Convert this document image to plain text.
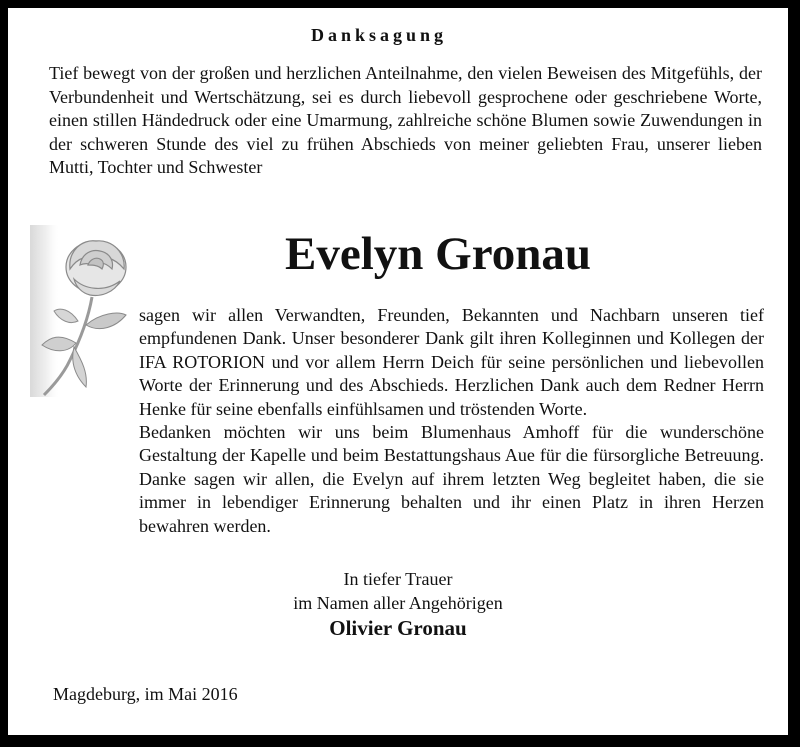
Danksagung
Tief bewegt von der großen und herzlichen Anteilnahme, den vielen Beweisen des Mitgefühls, der Verbundenheit und Wertschätzung, sei es durch liebevoll gesprochene oder geschriebene Worte, einen stillen Händedruck oder eine Umarmung, zahlreiche schöne Blumen sowie Zuwendungen in der schweren Stunde des viel zu frühen Abschieds von meiner geliebten Frau, unserer lieben Mutti, Tochter und Schwester
Evelyn Gronau

sagen wir allen Verwandten, Freunden, Bekannten und Nachbarn unseren tief empfundenen Dank. Unser besonderer Dank gilt ihren Kolleginnen und Kollegen der IFA ROTORION und vor allem Herrn Deich für seine persönlichen und liebevollen Worte der Erinnerung und des Abschieds. Herzlichen Dank auch dem Redner Herrn Henke für seine ebenfalls einfühlsamen und tröstenden Worte.

Bedanken möchten wir uns beim Blumenhaus Amhoff für die wunderschöne Gestaltung der Kapelle und beim Bestattungshaus Aue für die fürsorgliche Betreuung. Danke sagen wir allen, die Evelyn auf ihrem letzten Weg begleitet haben, die sie immer in lebendiger Erinnerung behalten und ihr einen Platz in ihren Herzen bewahren werden.

In tiefer Trauer
im Namen aller Angehörigen
Olivier Gronau
Magdeburg, im Mai 2016
